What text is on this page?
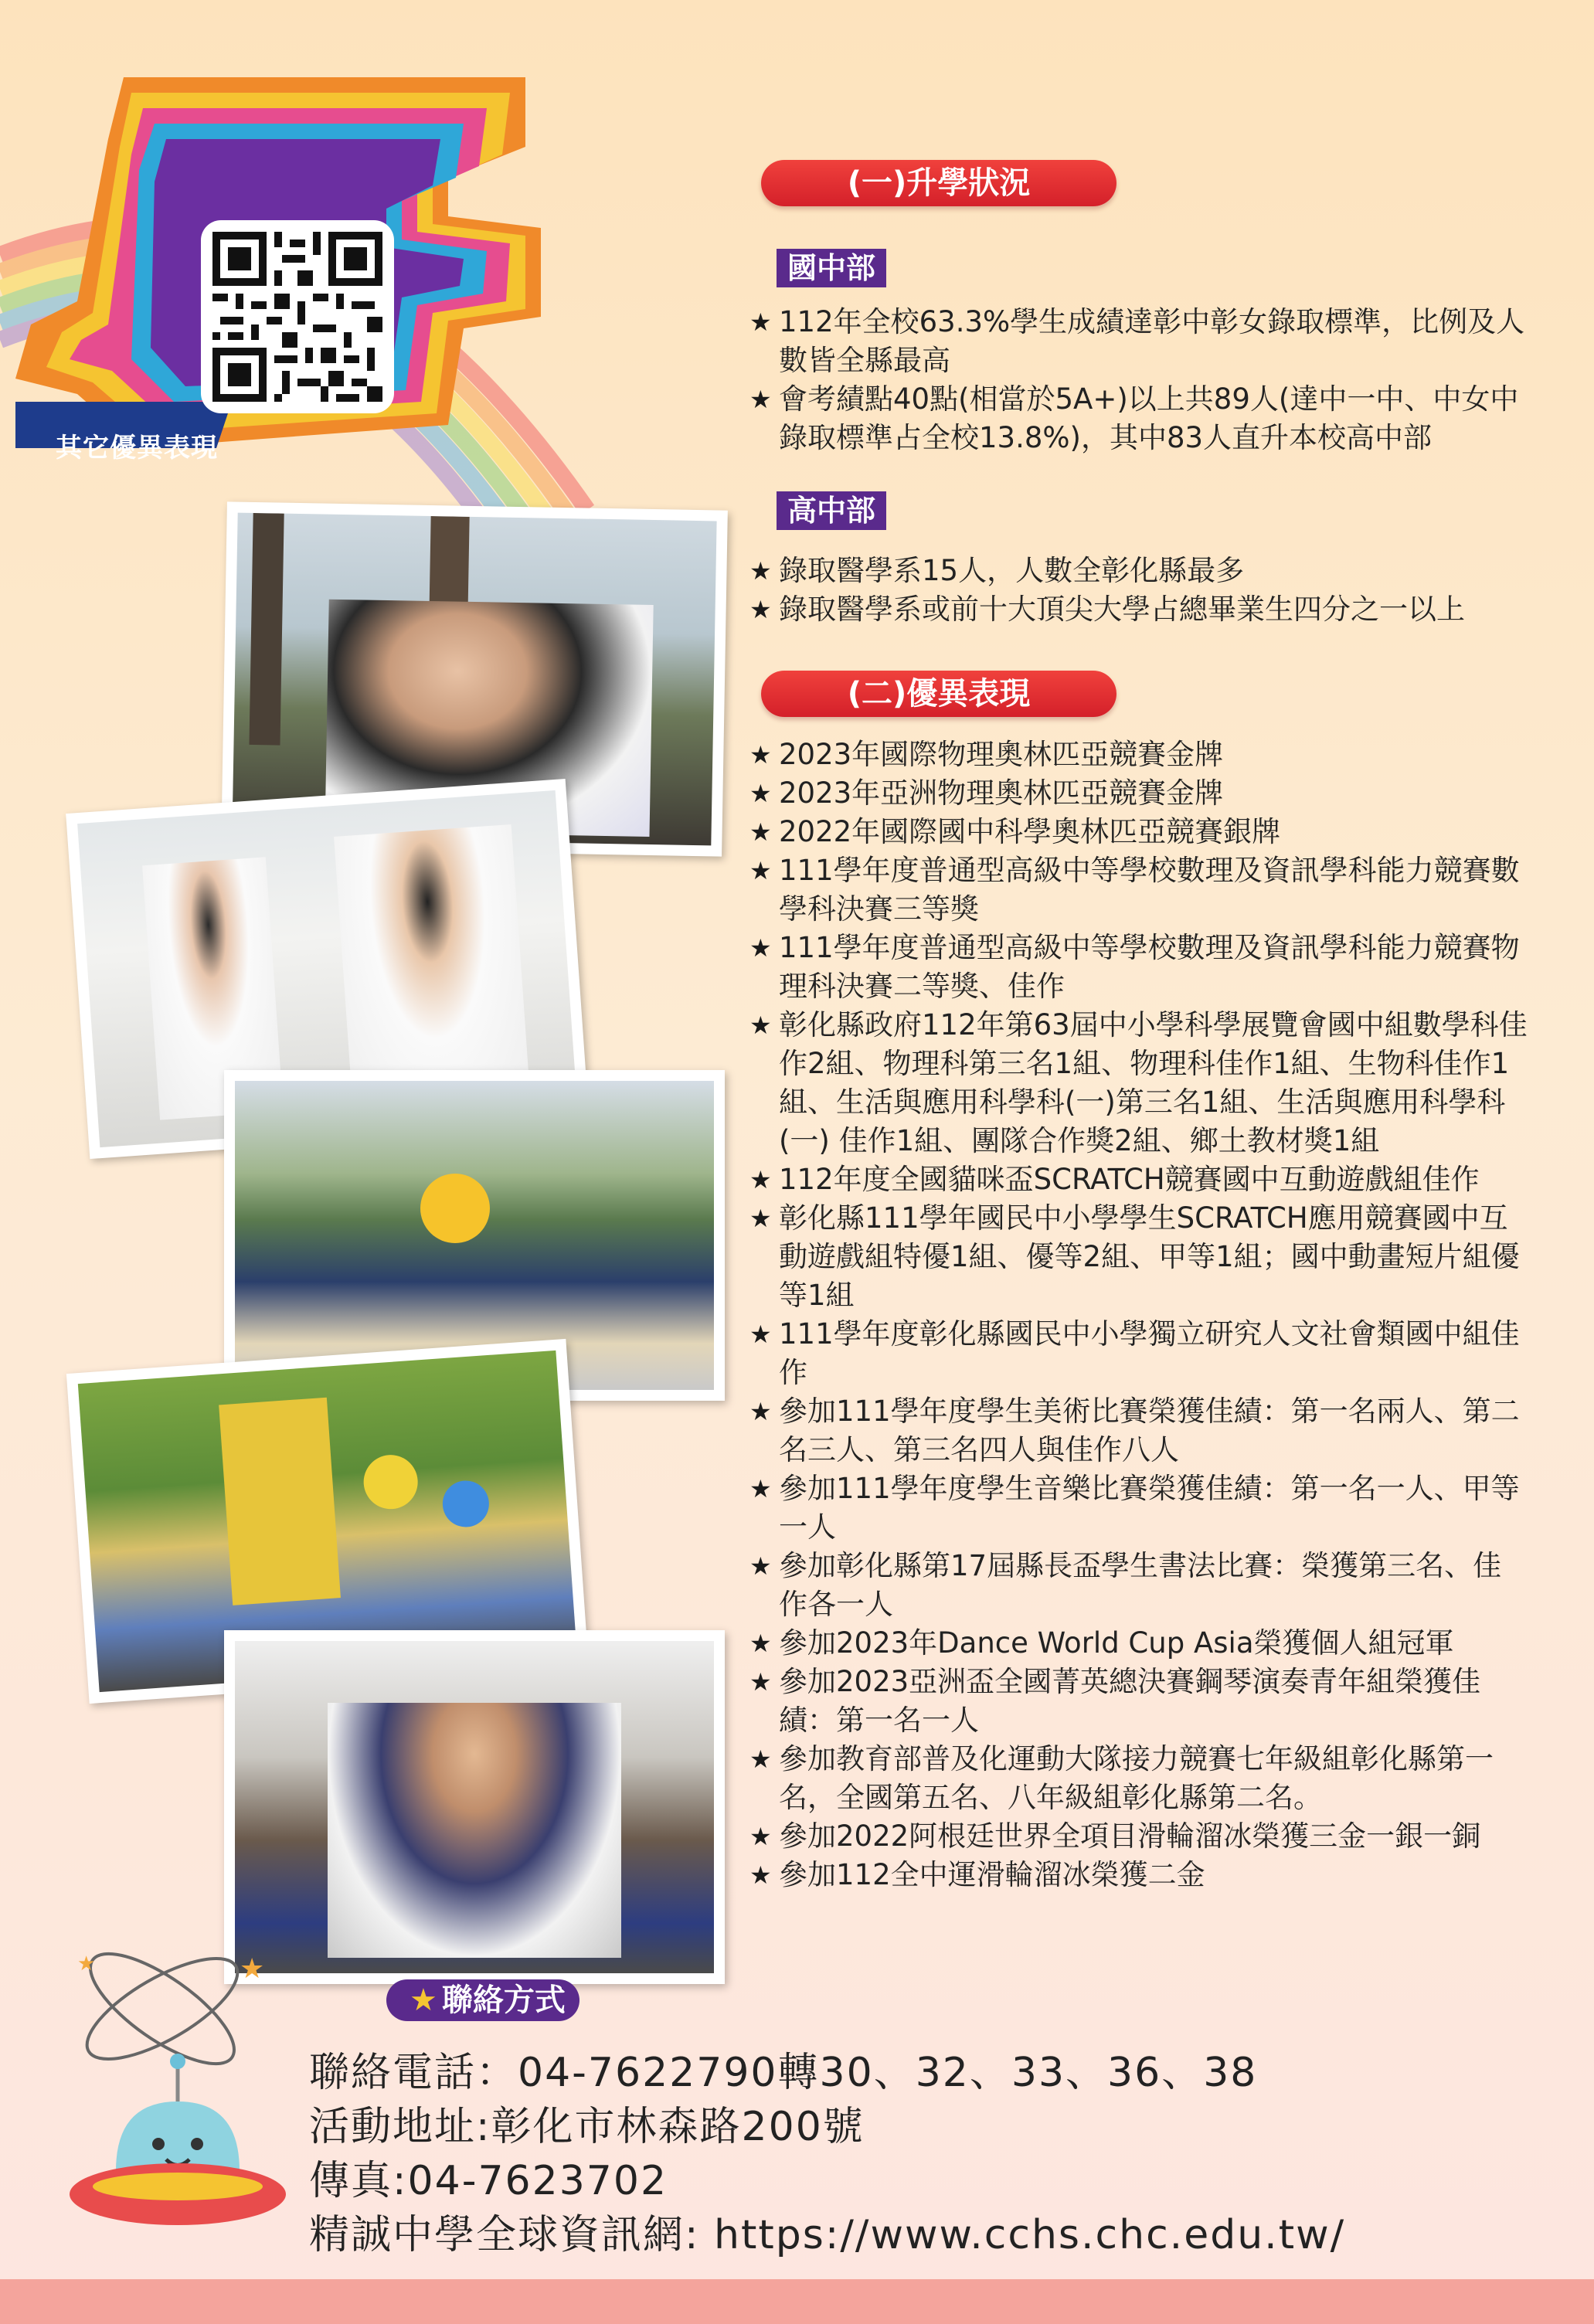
其它優異表現
(一)升學狀況
國中部
★ 112年全校63.3%學生成績達彰中彰女錄取標準，比例及人數皆全縣最高
★ 會考績點40點(相當於5A+)以上共89人(達中一中、中女中錄取標準占全校13.8%)，其中83人直升本校高中部
高中部
★ 錄取醫學系15人，人數全彰化縣最多
★ 錄取醫學系或前十大頂尖大學占總畢業生四分之一以上
(二)優異表現
★ 2023年國際物理奧林匹亞競賽金牌
★ 2023年亞洲物理奧林匹亞競賽金牌
★ 2022年國際國中科學奧林匹亞競賽銀牌
★ 111學年度普通型高級中等學校數理及資訊學科能力競賽數學科決賽三等獎
★ 111學年度普通型高級中等學校數理及資訊學科能力競賽物理科決賽二等獎、佳作
★ 彰化縣政府112年第63屆中小學科學展覽會國中組數學科佳作2組、物理科第三名1組、物理科佳作1組、生物科佳作1組、生活與應用科學科(一)第三名1組、生活與應用科學科(一) 佳作1組、團隊合作獎2組、鄉土教材獎1組
★ 112年度全國貓咪盃SCRATCH競賽國中互動遊戲組佳作
★ 彰化縣111學年國民中小學學生SCRATCH應用競賽國中互動遊戲組特優1組、優等2組、甲等1組；國中動畫短片組優等1組
★ 111學年度彰化縣國民中小學獨立研究人文社會類國中組佳作
★ 參加111學年度學生美術比賽榮獲佳績：第一名兩人、第二名三人、第三名四人與佳作八人
★ 參加111學年度學生音樂比賽榮獲佳績：第一名一人、甲等一人
★ 參加彰化縣第17屆縣長盃學生書法比賽：榮獲第三名、佳作各一人
★ 參加2023年Dance World Cup Asia榮獲個人組冠軍
★ 參加2023亞洲盃全國菁英總決賽鋼琴演奏青年組榮獲佳績：第一名一人
★ 參加教育部普及化運動大隊接力競賽七年級組彰化縣第一名，全國第五名、八年級組彰化縣第二名。
★ 參加2022阿根廷世界全項目滑輪溜冰榮獲三金一銀一銅
★ 參加112全中運滑輪溜冰榮獲二金
★
★
★ 聯絡方式
聯絡電話：04-7622790轉30、32、33、36、38
活動地址:彰化市林森路200號
傳真:04-7623702
精誠中學全球資訊網: https://www.cchs.chc.edu.tw/
